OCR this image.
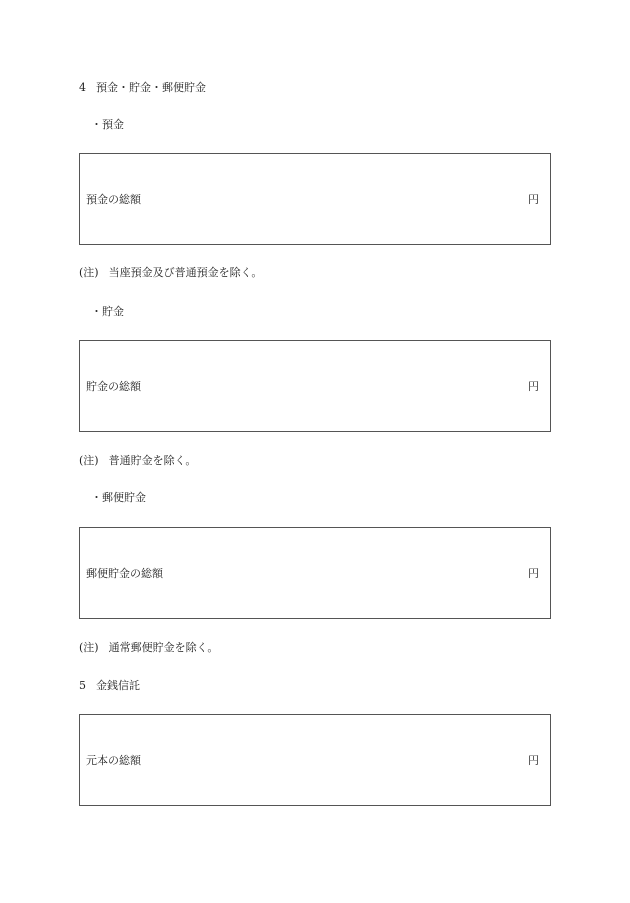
4 預金・貯金・郵便貯金
・預金
預金の総額	円
(注) 当座預金及び普通預金を除く。
・貯金
貯金の総額	円
(注) 普通貯金を除く。
・郵便貯金
郵便貯金の総額	円
(注) 通常郵便貯金を除く。
5 金銭信託
元本の総額	円
